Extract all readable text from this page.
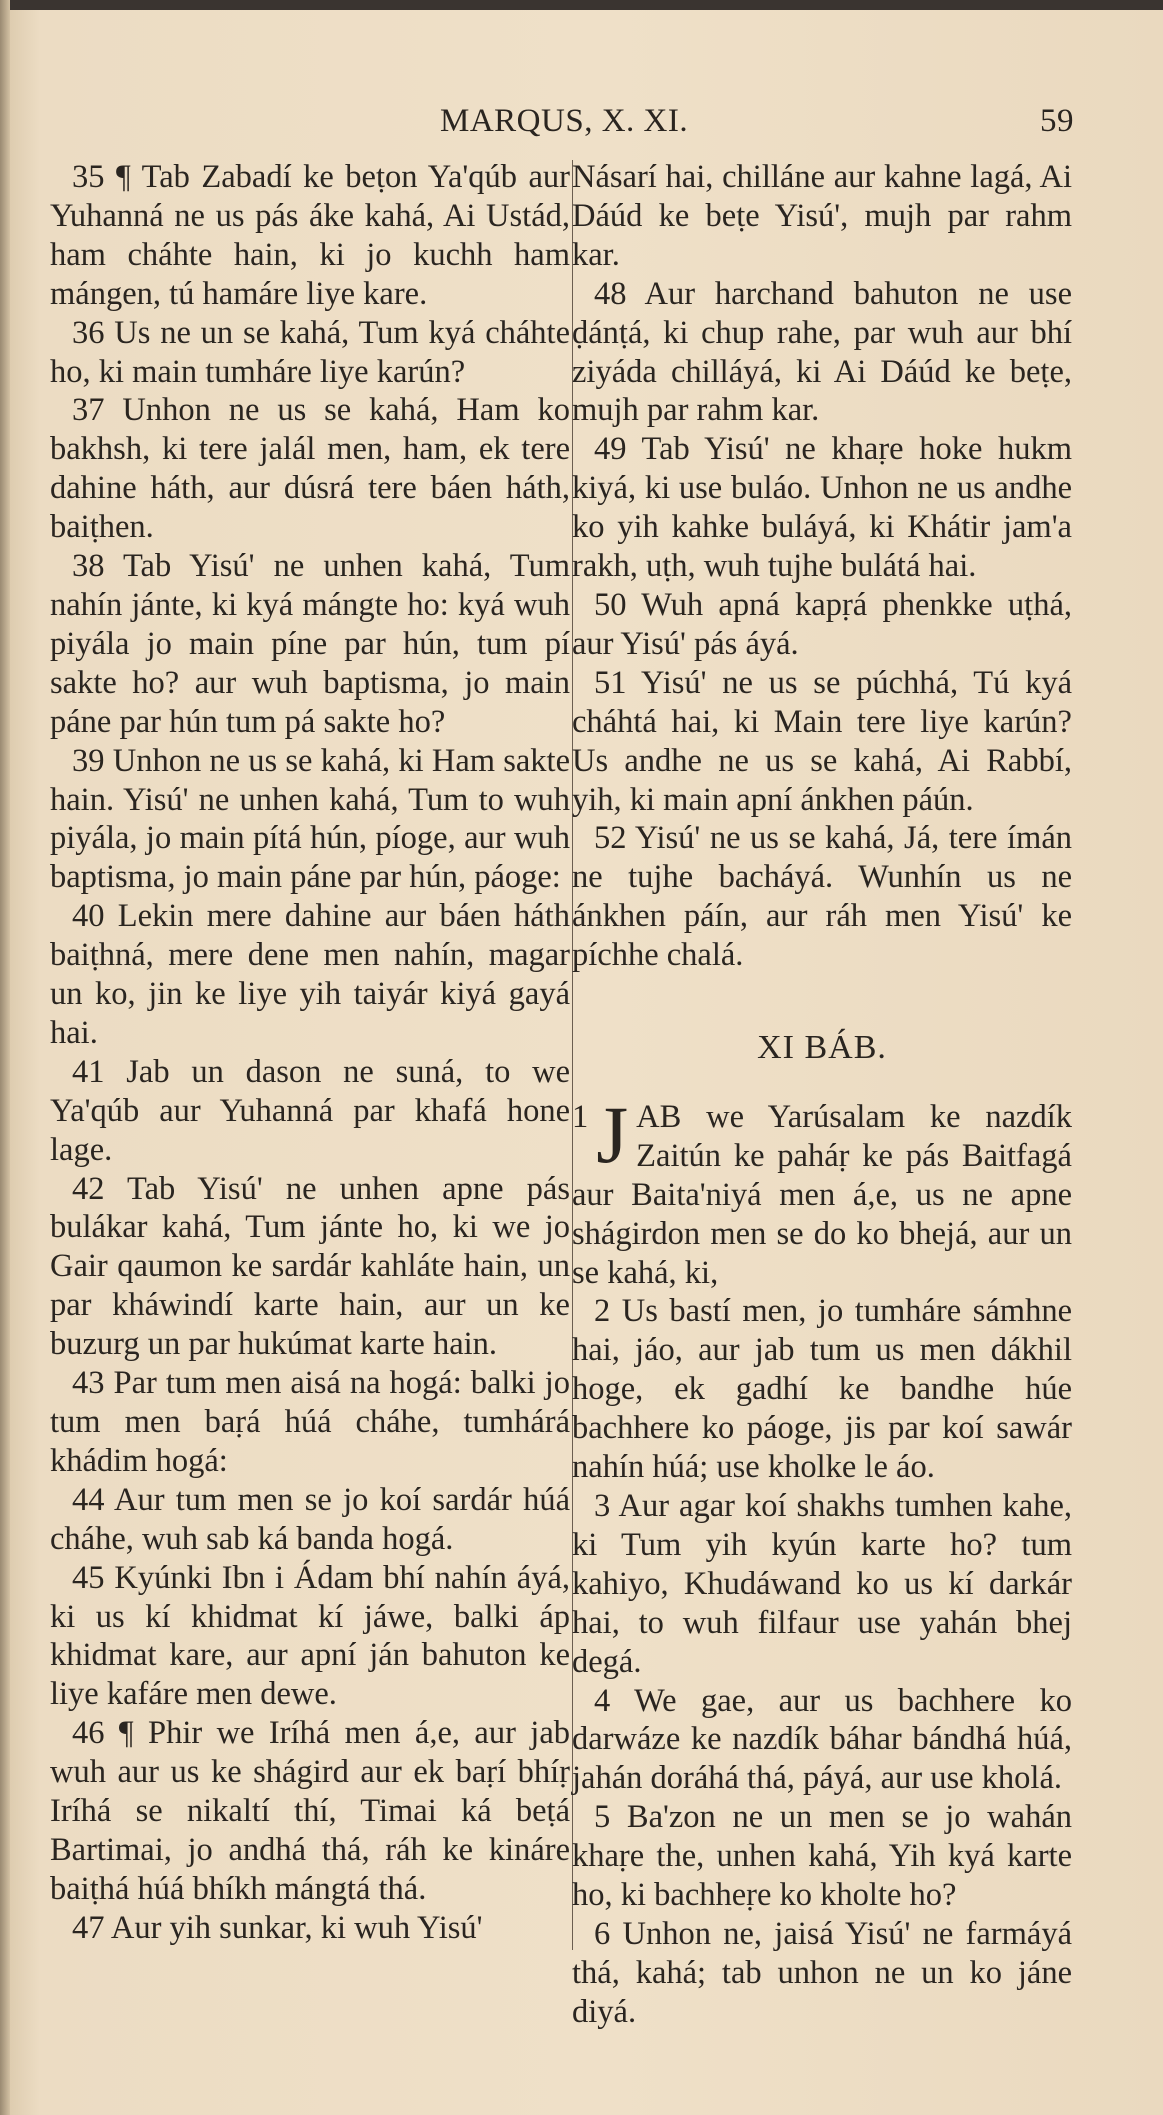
MARQUS, X. XI.	59

35 ¶ Tab Zabadí ke beṭon Ya'qúb aur Yuhanná ne us pás áke kahá, Ai Ustád, ham cháhte hain, ki jo kuchh ham mángen, tú hamáre liye kare.

36 Us ne un se kahá, Tum kyá cháhte ho, ki main tumháre liye karún?

37 Unhon ne us se kahá, Ham ko bakhsh, ki tere jalál men, ham, ek tere dahine háth, aur dúsrá tere báen háth, baiṭhen.

38 Tab Yisú' ne unhen kahá, Tum nahín jánte, ki kyá mángte ho: kyá wuh piyála jo main píne par hún, tum pí sakte ho? aur wuh baptisma, jo main páne par hún tum pá sakte ho?

39 Unhon ne us se kahá, ki Ham sakte hain. Yisú' ne unhen kahá, Tum to wuh piyála, jo main pítá hún, píoge, aur wuh baptisma, jo main páne par hún, páoge:

40 Lekin mere dahine aur báen háth baiṭhná, mere dene men nahín, magar un ko, jin ke liye yih taiyár kiyá gayá hai.

41 Jab un dason ne suná, to we Ya'qúb aur Yuhanná par khafá hone lage.

42 Tab Yisú' ne unhen apne pás bulákar kahá, Tum jánte ho, ki we jo Gair qaumon ke sardár kahláte hain, un par kháwindí karte hain, aur un ke buzurg un par hukúmat karte hain.

43 Par tum men aisá na hogá: balki jo tum men baṛá húá cháhe, tumhárá khádim hogá:

44 Aur tum men se jo koí sardár húá cháhe, wuh sab ká banda hogá.

45 Kyúnki Ibn i Ádam bhí nahín áyá, ki us kí khidmat kí jáwe, balki áp khidmat kare, aur apní ján bahuton ke liye kafáre men dewe.

46 ¶ Phir we Iríhá men á,e, aur jab wuh aur us ke shágird aur ek baṛí bhíṛ Iríhá se nikaltí thí, Timai ká beṭá Bartimai, jo andhá thá, ráh ke kináre baiṭhá húá bhíkh mángtá thá.

47 Aur yih sunkar, ki wuh Yisú'

Násarí hai, chilláne aur kahne lagá, Ai Dáúd ke beṭe Yisú', mujh par rahm kar.

48 Aur harchand bahuton ne use ḍánṭá, ki chup rahe, par wuh aur bhí ziyáda chilláyá, ki Ai Dáúd ke beṭe, mujh par rahm kar.

49 Tab Yisú' ne khaṛe hoke hukm kiyá, ki use buláo. Unhon ne us andhe ko yih kahke buláyá, ki Khátir jam'a rakh, uṭh, wuh tujhe bulátá hai.

50 Wuh apná kapṛá phenkke uṭhá, aur Yisú' pás áyá.

51 Yisú' ne us se púchhá, Tú kyá cháhtá hai, ki Main tere liye karún? Us andhe ne us se kahá, Ai Rabbí, yih, ki main apní ánkhen páún.

52 Yisú' ne us se kahá, Já, tere ímán ne tujhe bacháyá. Wunhín us ne ánkhen páín, aur ráh men Yisú' ke píchhe chalá.

XI BÁB.

1 J AB we Yarúsalam ke nazdík Zaitún ke paháṛ ke pás Baitfagá aur Baita'niyá men á,e, us ne apne shágirdon men se do ko bhejá, aur un se kahá, ki,

2 Us bastí men, jo tumháre sámhne hai, jáo, aur jab tum us men dákhil hoge, ek gadhí ke bandhe húe bachhere ko páoge, jis par koí sawár nahín húá; use kholke le áo.

3 Aur agar koí shakhs tumhen kahe, ki Tum yih kyún karte ho? tum kahiyo, Khudáwand ko us kí darkár hai, to wuh filfaur use yahán bhej degá.

4 We gae, aur us bachhere ko darwáze ke nazdík báhar bándhá húá, jahán doráhá thá, páyá, aur use kholá.

5 Ba'zon ne un men se jo wahán khaṛe the, unhen kahá, Yih kyá karte ho, ki bachheṛe ko kholte ho?

6 Unhon ne, jaisá Yisú' ne farmáyá thá, kahá; tab unhon ne un ko jáne diyá.
